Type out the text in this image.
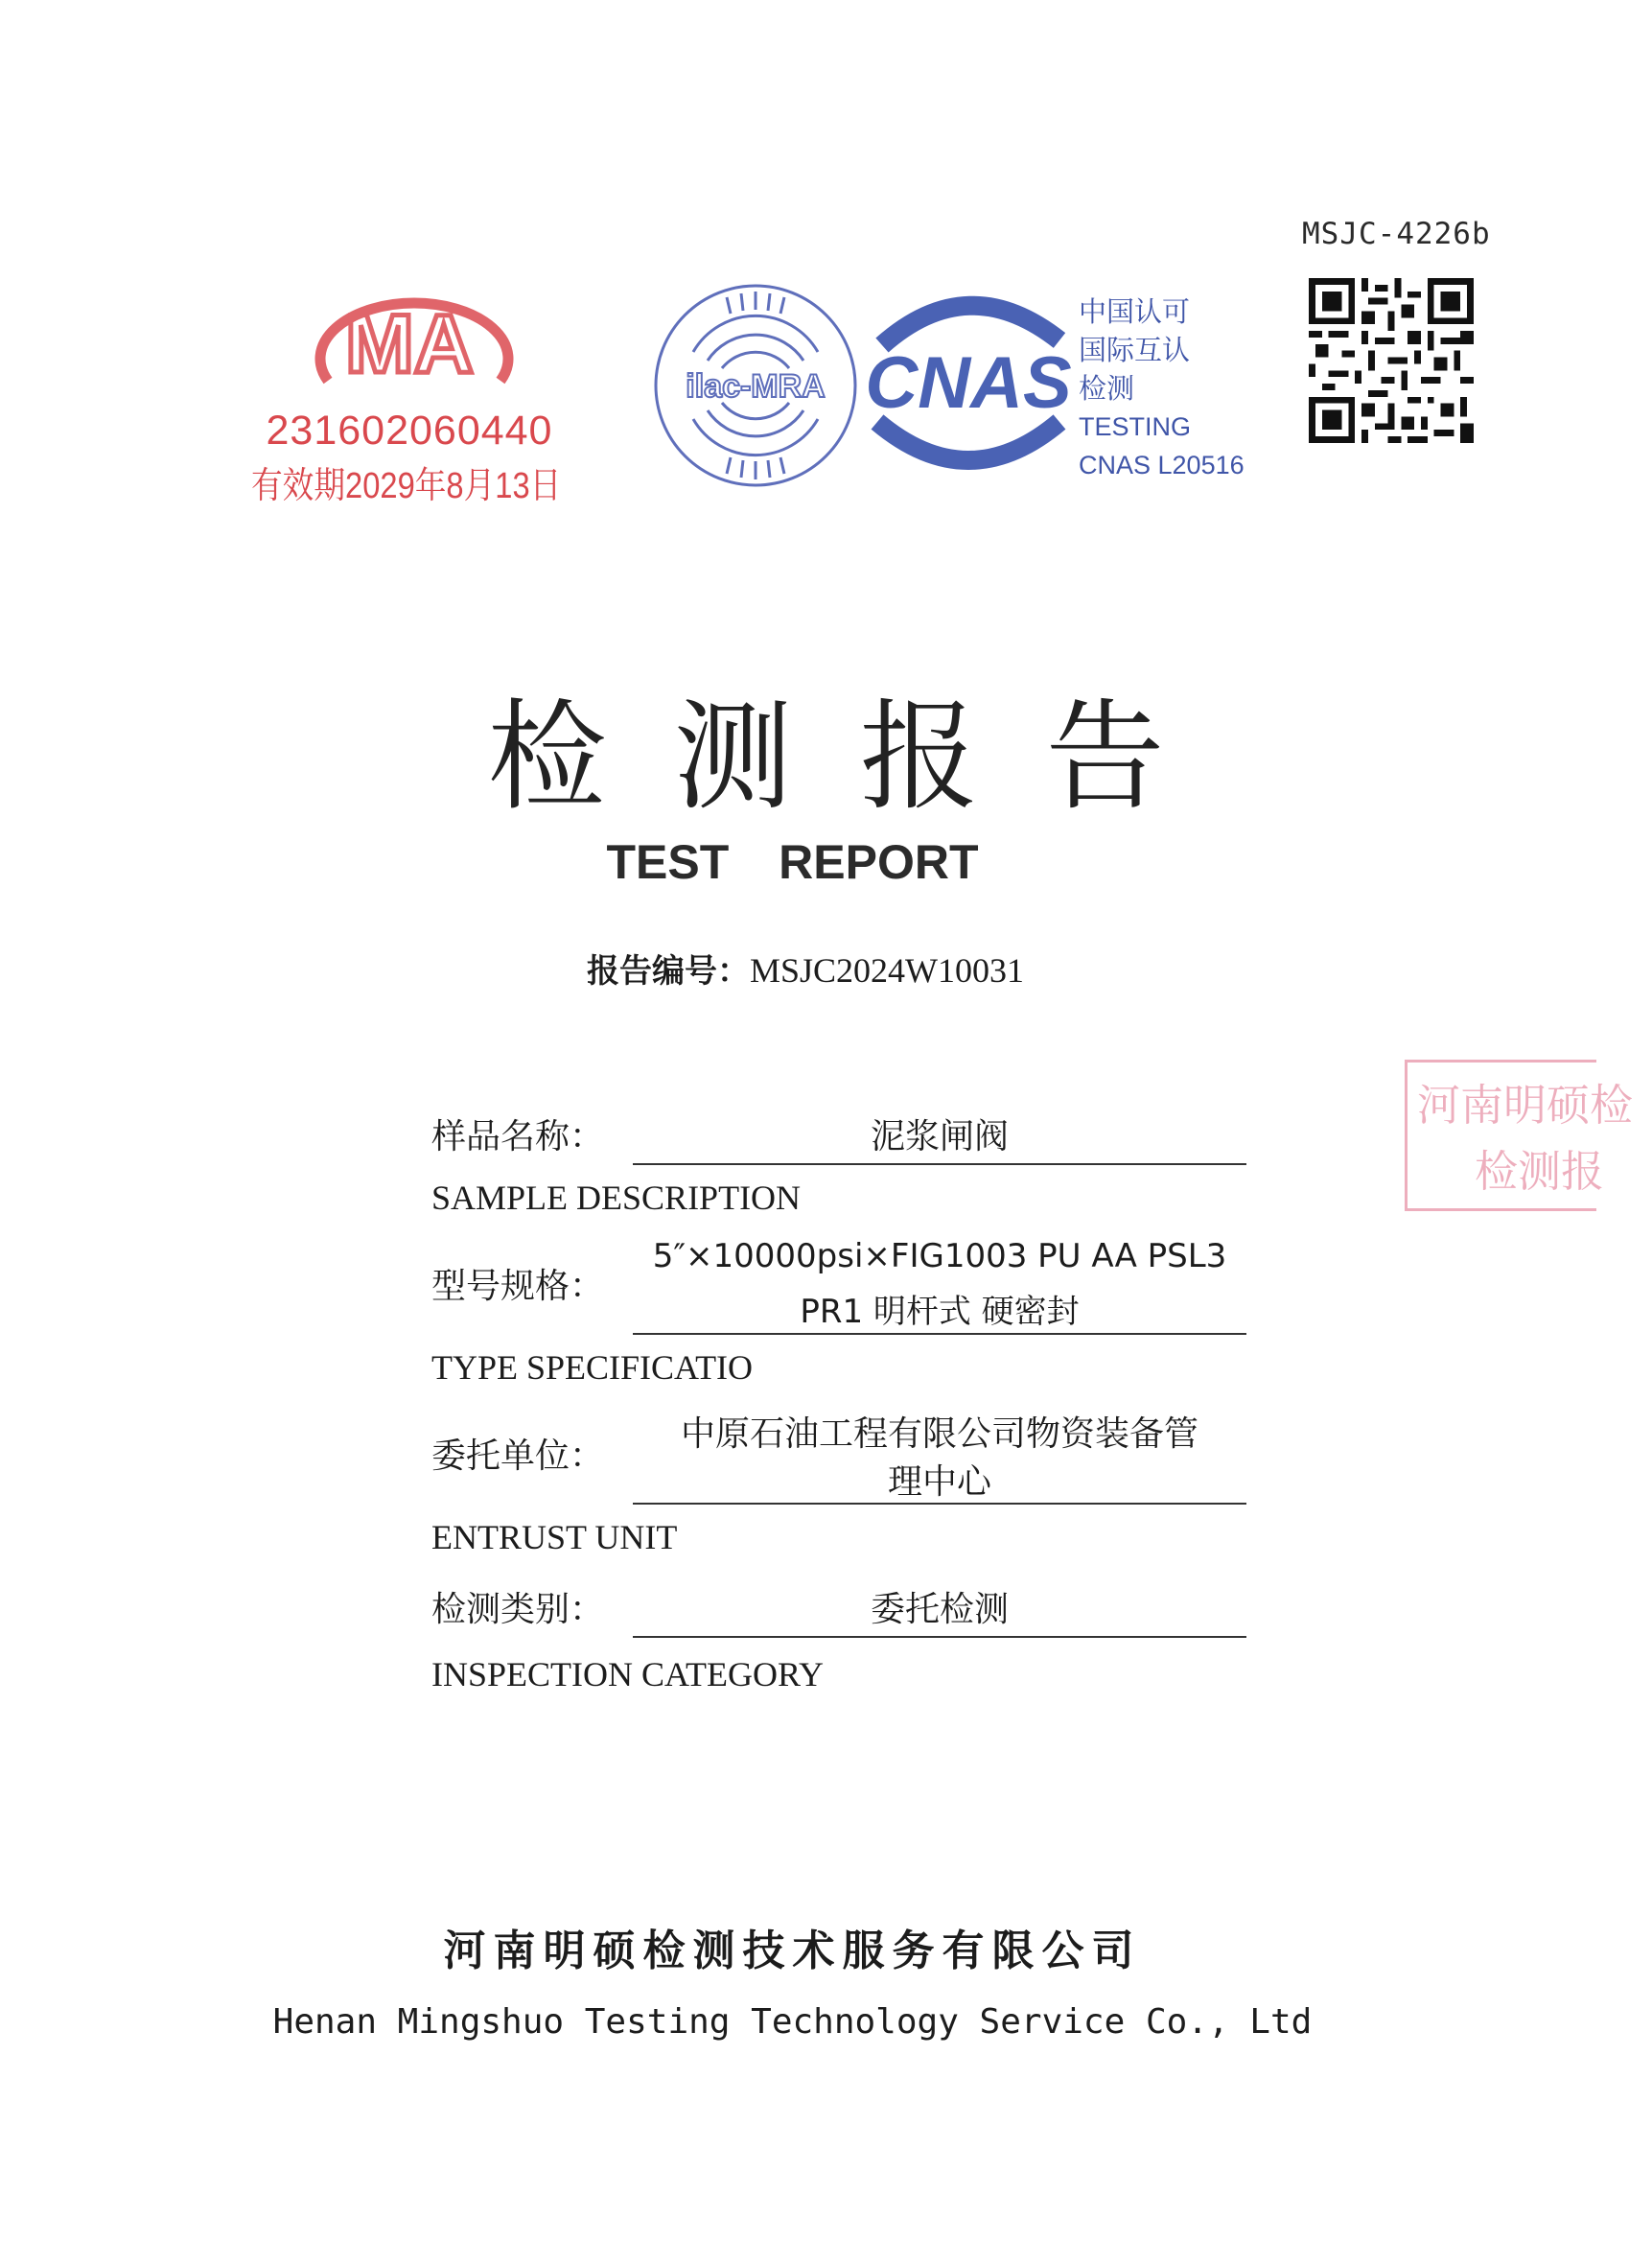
MSJC-4226b
MA
231602060440
有效期2029年8月13日
ilac-MRA CNAS
中国认可
国际互认
检测
TESTING
CNAS L20516
检测报告
TEST REPORT
报告编号：MSJC2024W10031
河南明硕检
检测报
样品名称：	泥浆闸阀
SAMPLE DESCRIPTION
型号规格：
5″×10000psi×FIG1003 PU AA PSL3
PR1 明杆式 硬密封
TYPE SPECIFICATIO
委托单位：
中原石油工程有限公司物资装备管
理中心
ENTRUST UNIT
检测类别：	委托检测
INSPECTION CATEGORY
河南明硕检测技术服务有限公司
Henan Mingshuo Testing Technology Service Co., Ltd
